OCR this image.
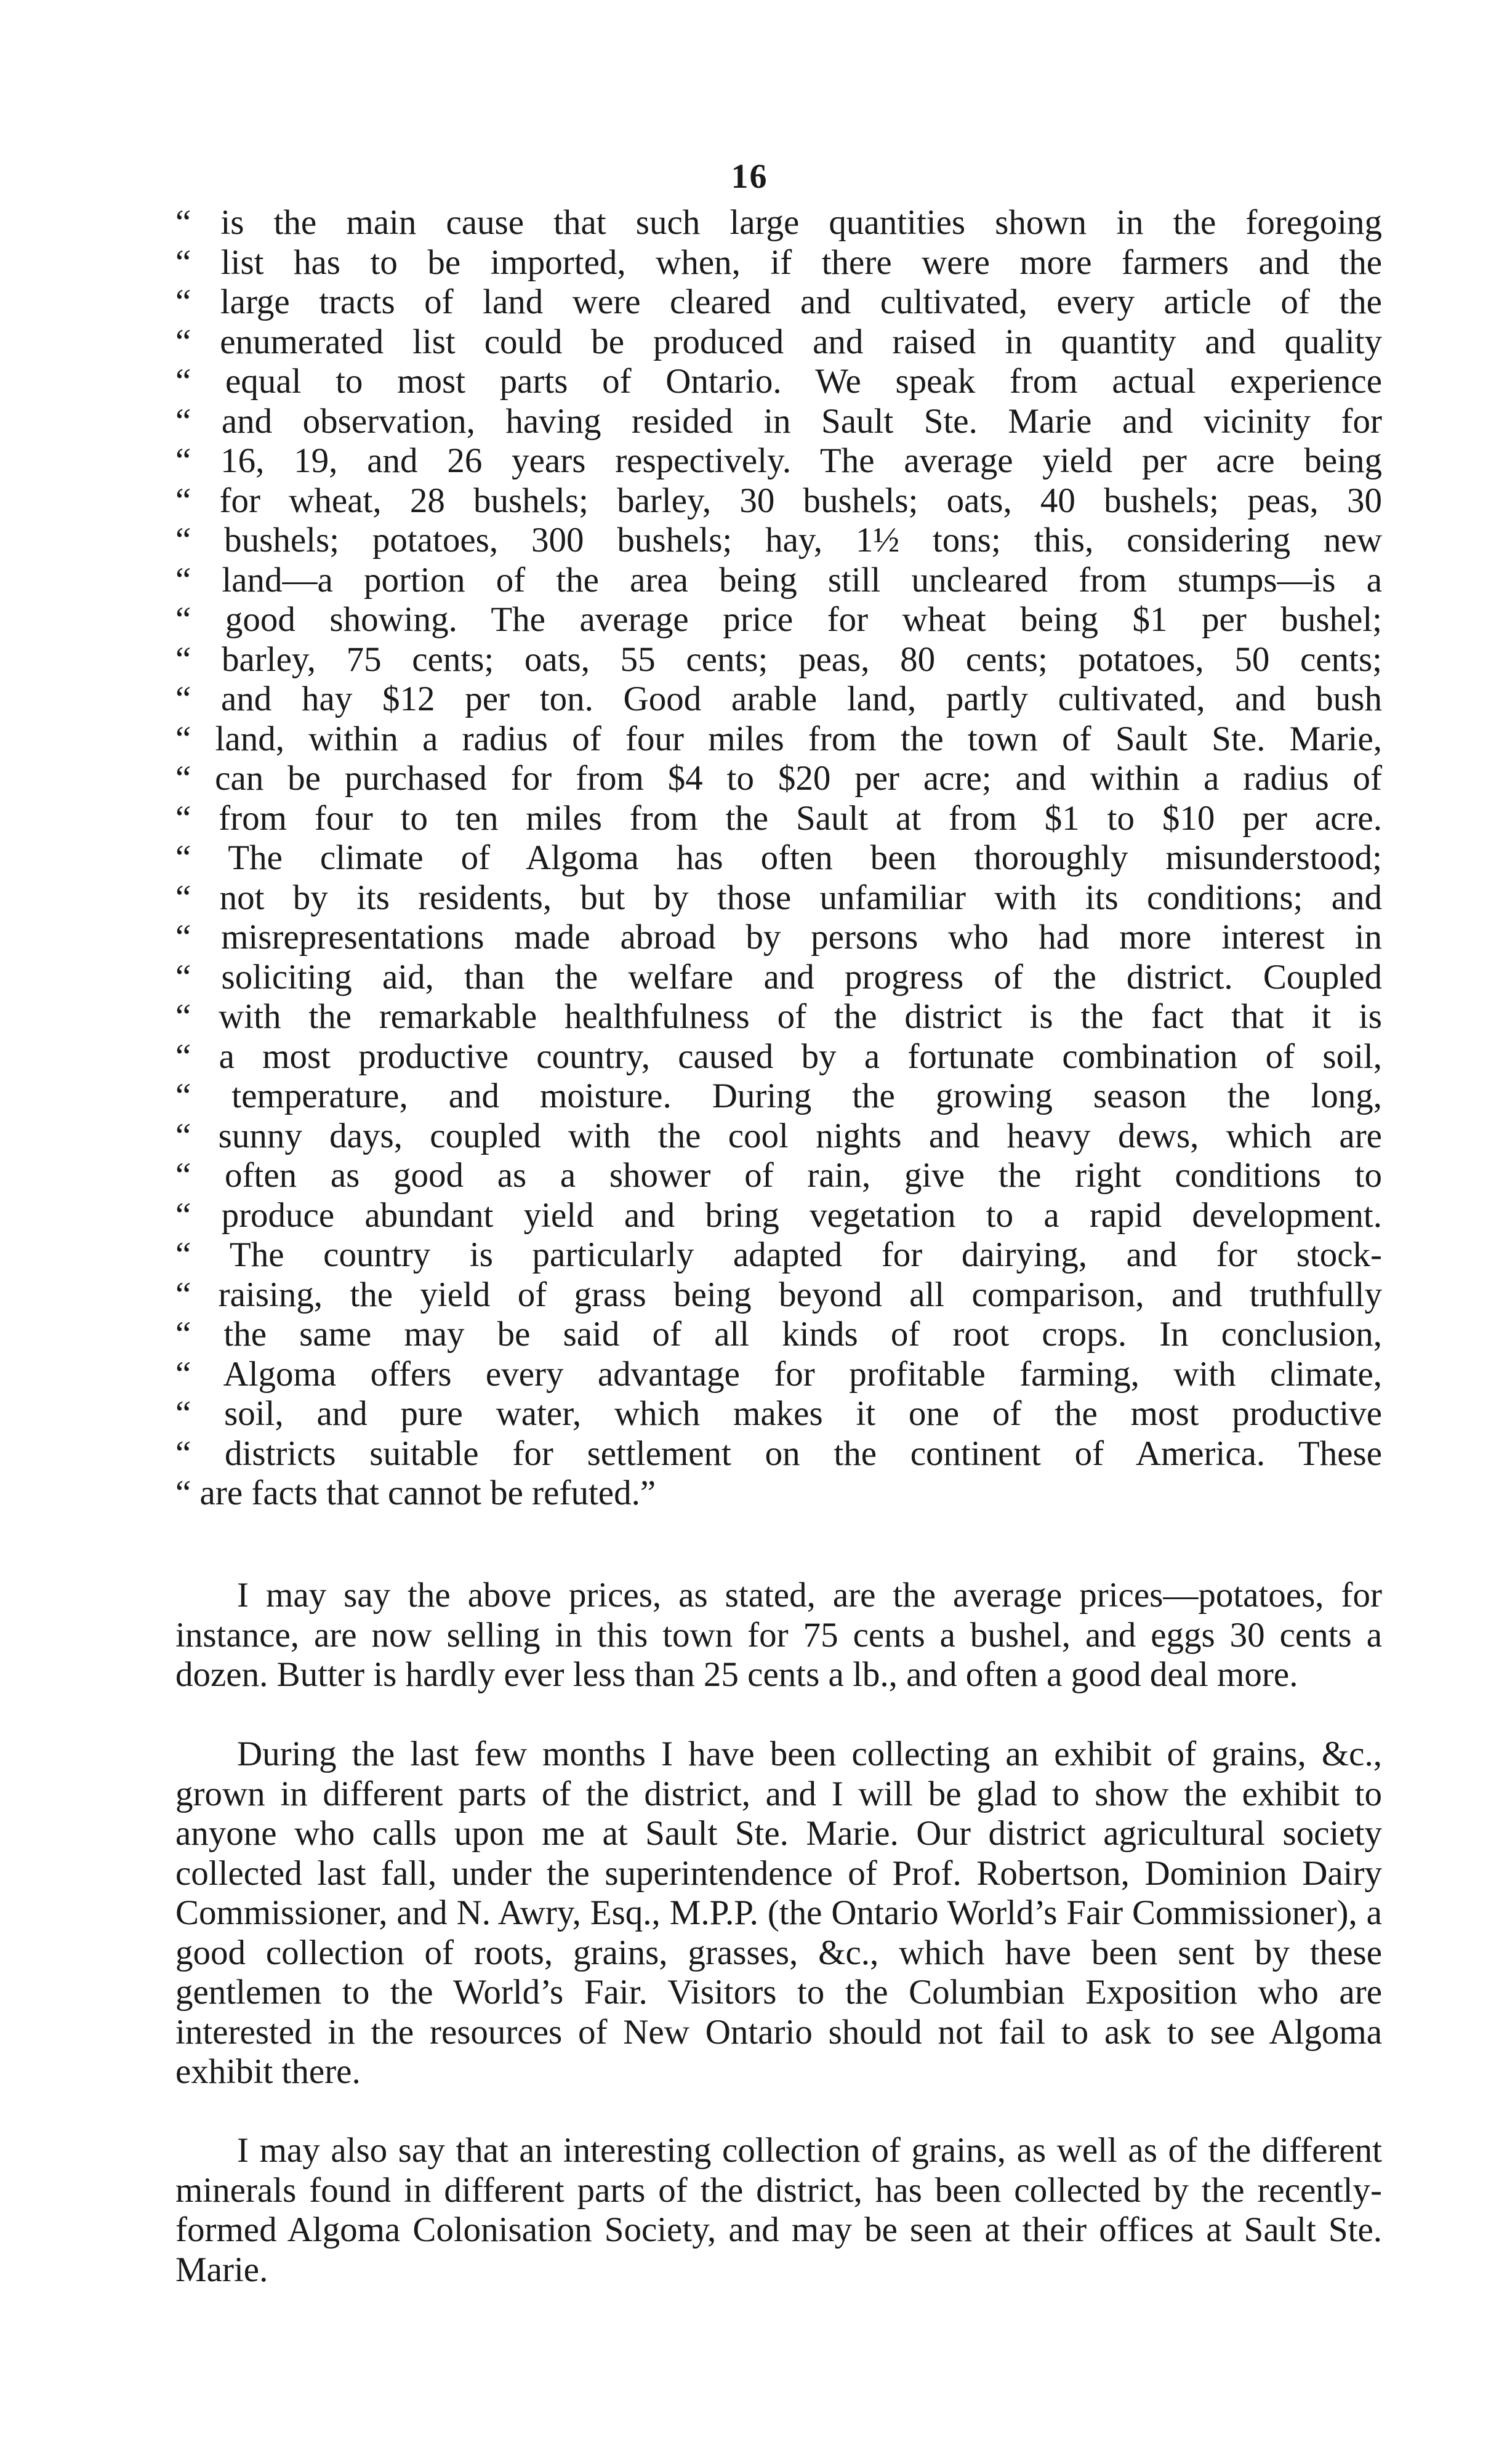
16
“ is the main cause that such large quantities shown in the foregoing
“ list has to be imported, when, if there were more farmers and the
“ large tracts of land were cleared and cultivated, every article of the
“ enumerated list could be produced and raised in quantity and quality
“ equal to most parts of Ontario. We speak from actual experience
“ and observation, having resided in Sault Ste. Marie and vicinity for
“ 16, 19, and 26 years respectively. The average yield per acre being
“ for wheat, 28 bushels; barley, 30 bushels; oats, 40 bushels; peas, 30
“ bushels; potatoes, 300 bushels; hay, 1½ tons; this, considering new
“ land—a portion of the area being still uncleared from stumps—is a
“ good showing. The average price for wheat being $1 per bushel;
“ barley, 75 cents; oats, 55 cents; peas, 80 cents; potatoes, 50 cents;
“ and hay $12 per ton. Good arable land, partly cultivated, and bush
“ land, within a radius of four miles from the town of Sault Ste. Marie,
“ can be purchased for from $4 to $20 per acre; and within a radius of
“ from four to ten miles from the Sault at from $1 to $10 per acre.
“ The climate of Algoma has often been thoroughly misunderstood;
“ not by its residents, but by those unfamiliar with its conditions; and
“ misrepresentations made abroad by persons who had more interest in
“ soliciting aid, than the welfare and progress of the district. Coupled
“ with the remarkable healthfulness of the district is the fact that it is
“ a most productive country, caused by a fortunate combination of soil,
“ temperature, and moisture. During the growing season the long,
“ sunny days, coupled with the cool nights and heavy dews, which are
“ often as good as a shower of rain, give the right conditions to
“ produce abundant yield and bring vegetation to a rapid development.
“ The country is particularly adapted for dairying, and for stock-
“ raising, the yield of grass being beyond all comparison, and truthfully
“ the same may be said of all kinds of root crops. In conclusion,
“ Algoma offers every advantage for profitable farming, with climate,
“ soil, and pure water, which makes it one of the most productive
“ districts suitable for settlement on the continent of America. These
“ are facts that cannot be refuted.”

I may say the above prices, as stated, are the average prices—potatoes, for instance, are now selling in this town for 75 cents a bushel, and eggs 30 cents a dozen. Butter is hardly ever less than 25 cents a lb., and often a good deal more.

During the last few months I have been collecting an exhibit of grains, &c., grown in different parts of the district, and I will be glad to show the exhibit to anyone who calls upon me at Sault Ste. Marie. Our district agricultural society collected last fall, under the superintendence of Prof. Robertson, Dominion Dairy Commissioner, and N. Awry, Esq., M.P.P. (the Ontario World’s Fair Commissioner), a good collection of roots, grains, grasses, &c., which have been sent by these gentlemen to the World’s Fair. Visitors to the Columbian Exposition who are interested in the resources of New Ontario should not fail to ask to see Algoma exhibit there.

I may also say that an interesting collection of grains, as well as of the different minerals found in different parts of the district, has been collected by the recently-formed Algoma Colonisation Society, and may be seen at their offices at Sault Ste. Marie.
